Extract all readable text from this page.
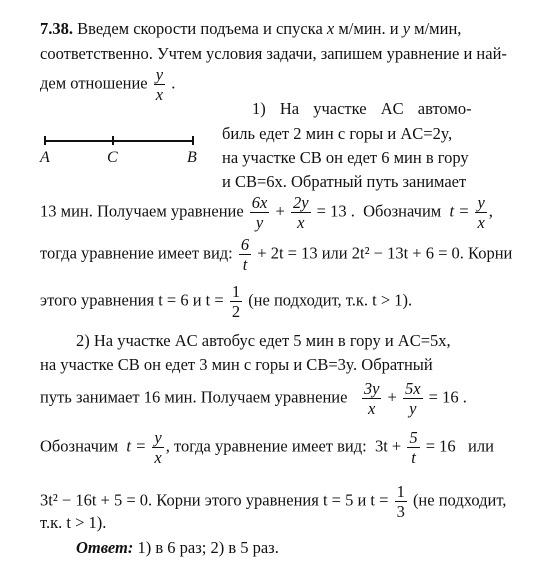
7.38. Введем скорости подъема и спуска x м/мин. и y м/мин,
соответственно. Учтем условия задачи, запишем уравнение и най-
дем отношение $\frac{y}{x}$ .
A	C	B
1) На участке AC автомо-
биль едет 2 мин с горы и AC=2y,
на участке CB он едет 6 мин в гору
и CB=6x. Обратный путь занимает
13 мин. Получаем уравнение $\frac{6x}{y} + \frac{2y}{x} = 13$ . Обозначим $t = \frac{y}{x}$ ,
тогда уравнение имеет вид: $\frac{6}{t} + 2t = 13$ или 2t² − 13t + 6 = 0. Корни
этого уравнения t = 6 и $t = \frac{1}{2} (не$ подходит, т.к. t > 1).
2) На участке AC автобус едет 5 мин в гору и AC=5x,
на участке CB он едет 3 мин с горы и CB=3y. Обратный
путь занимает 16 мин. Получаем уравнение $\frac{3y}{x} + \frac{5x}{y} = 16$ .
Обозначим $t = \frac{y}{x}$ , тогда уравнение имеет вид: $3t + \frac{5}{t} = 16$ или
3t² − 16t + 5 = 0. Корни этого уравнения t = 5 и $t = \frac{1}{3} (не$ подходит,
т.к. t > 1).
Ответ: 1) в 6 раз; 2) в 5 раз.
